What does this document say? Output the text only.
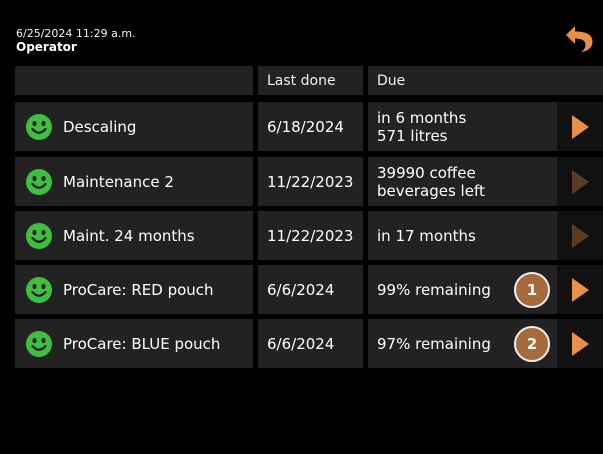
6/25/2024 11:29 a.m.
Operator
Last done	Due
Descaling	6/18/2024	in 6 months
571 litres
Maintenance 2	11/22/2023	39990 coffee
beverages left
Maint. 24 months	11/22/2023	in 17 months
ProCare: RED pouch	6/6/2024	99% remaining	1
ProCare: BLUE pouch	6/6/2024	97% remaining	2
